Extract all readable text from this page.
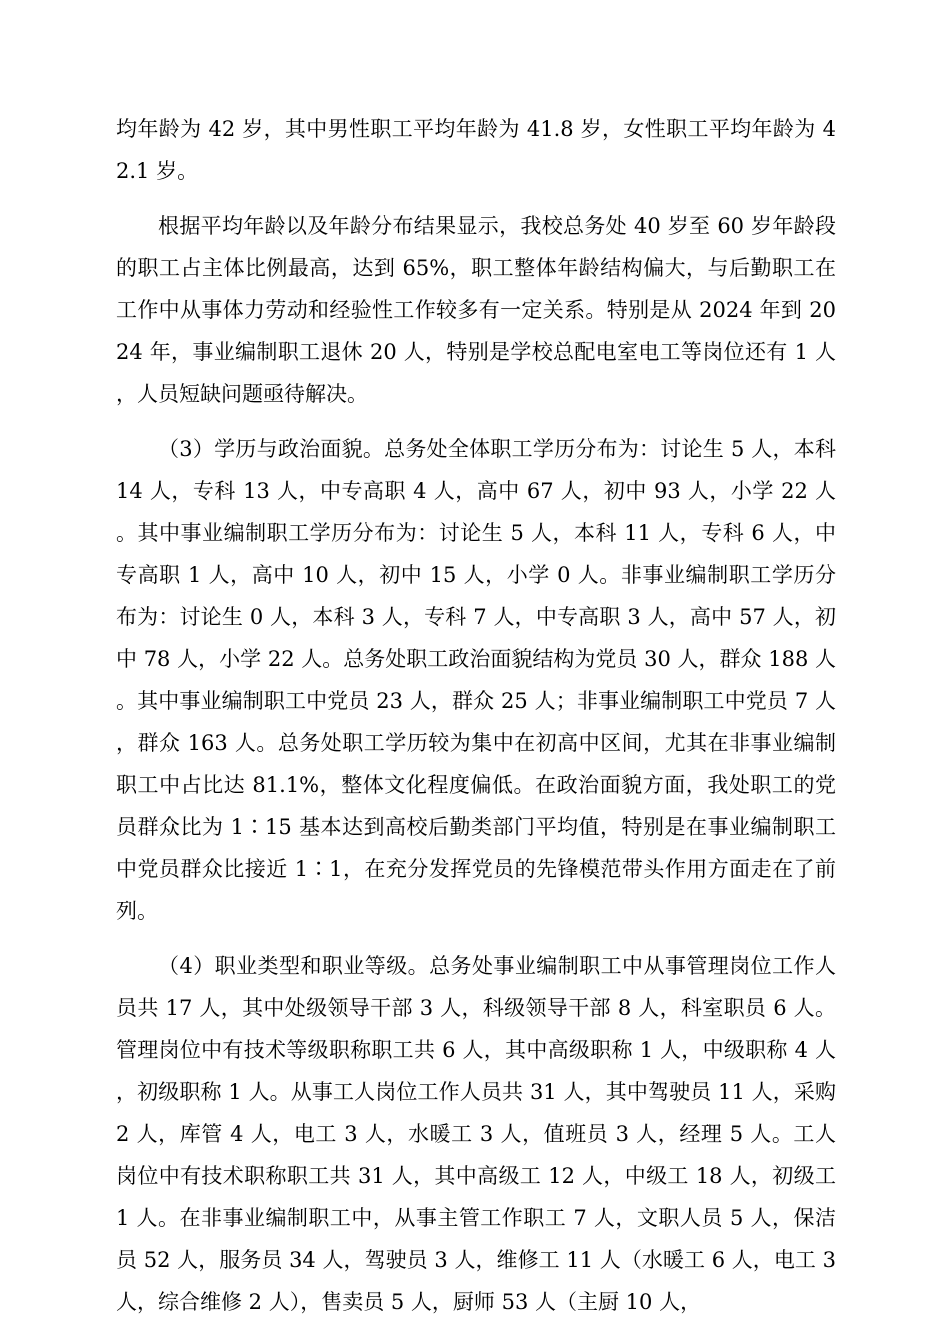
均年龄为 42 岁，其中男性职工平均年龄为 41.8 岁，女性职工平均年龄为 42.1 岁。

根据平均年龄以及年龄分布结果显示，我校总务处 40 岁至 60 岁年龄段的职工占主体比例最高，达到 65%，职工整体年龄结构偏大，与后勤职工在工作中从事体力劳动和经验性工作较多有一定关系。特别是从 2024 年到 2024 年，事业编制职工退休 20 人，特别是学校总配电室电工等岗位还有 1 人，人员短缺问题亟待解决。

（3）学历与政治面貌。总务处全体职工学历分布为：讨论生 5 人，本科 14 人，专科 13 人，中专高职 4 人，高中 67 人，初中 93 人，小学 22 人。其中事业编制职工学历分布为：讨论生 5 人，本科 11 人，专科 6 人，中专高职 1 人，高中 10 人，初中 15 人，小学 0 人。非事业编制职工学历分布为：讨论生 0 人，本科 3 人，专科 7 人，中专高职 3 人，高中 57 人，初中 78 人，小学 22 人。总务处职工政治面貌结构为党员 30 人，群众 188 人。其中事业编制职工中党员 23 人，群众 25 人；非事业编制职工中党员 7 人，群众 163 人。总务处职工学历较为集中在初高中区间，尤其在非事业编制职工中占比达 81.1%，整体文化程度偏低。在政治面貌方面，我处职工的党员群众比为 1∶15 基本达到高校后勤类部门平均值，特别是在事业编制职工中党员群众比接近 1∶1，在充分发挥党员的先锋模范带头作用方面走在了前列。

（4）职业类型和职业等级。总务处事业编制职工中从事管理岗位工作人员共 17 人，其中处级领导干部 3 人，科级领导干部 8 人，科室职员 6 人。管理岗位中有技术等级职称职工共 6 人，其中高级职称 1 人，中级职称 4 人，初级职称 1 人。从事工人岗位工作人员共 31 人，其中驾驶员 11 人，采购 2 人，库管 4 人，电工 3 人，水暖工 3 人，值班员 3 人，经理 5 人。工人岗位中有技术职称职工共 31 人，其中高级工 12 人，中级工 18 人，初级工 1 人。在非事业编制职工中，从事主管工作职工 7 人，文职人员 5 人，保洁员 52 人，服务员 34 人，驾驶员 3 人，维修工 11 人（水暖工 6 人，电工 3 人，综合维修 2 人），售卖员 5 人，厨师 53 人（主厨 10 人，
